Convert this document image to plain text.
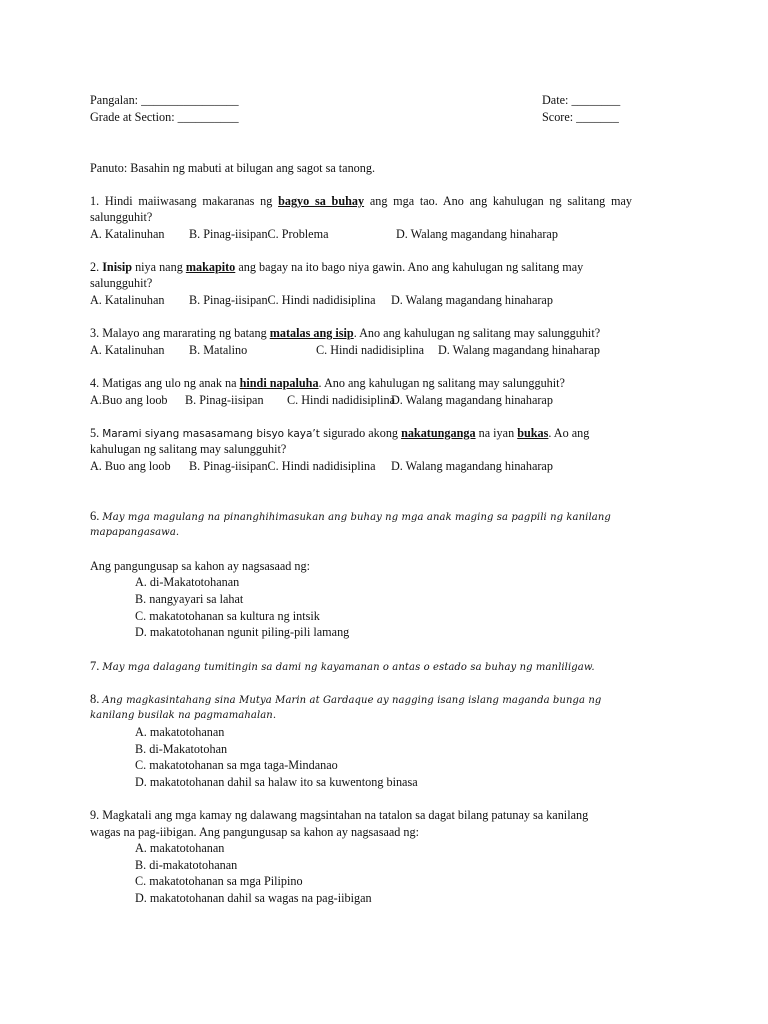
Pangalan: ________________
Grade at Section: __________
Date: ________
Score: _______
Panuto: Basahin ng mabuti at bilugan ang sagot sa tanong.
1. Hindi maiiwasang makaranas ng bagyo sa buhay ang mga tao. Ano ang kahulugan ng salitang may
salungguhit?
A. Katalinuhan B. Pinag-iisipanC. Problema	D. Walang magandang hinaharap
2. Inisip niya nang makapito ang bagay na ito bago niya gawin. Ano ang kahulugan ng salitang may
salungguhit?
A. Katalinuhan B. Pinag-iisipanC. Hindi nadidisiplina D. Walang magandang hinaharap
3. Malayo ang mararating ng batang matalas ang isip. Ano ang kahulugan ng salitang may salungguhit?
A. Katalinuhan B. Matalino	C. Hindi nadidisiplina D. Walang magandang hinaharap
4. Matigas ang ulo ng anak na hindi napaluha. Ano ang kahulugan ng salitang may salungguhit?
A.Buo ang loob B. Pinag-iisipan C. Hindi nadidisiplina
D. Walang magandang hinaharap
5. Marami siyang masasamang bisyo kaya’t sigurado akong nakatunganga na iyan bukas. Ao ang
kahulugan ng salitang may salungguhit?
A. Buo ang loob B. Pinag-iisipanC. Hindi nadidisiplina D. Walang magandang hinaharap
6. May mga magulang na pinanghihimasukan ang buhay ng mga anak maging sa pagpili ng kanilang
mapapangasawa.
Ang pangungusap sa kahon ay nagsasaad ng:
A. di-Makatotohanan
B. nangyayari sa lahat
C. makatotohanan sa kultura ng intsik
D. makatotohanan ngunit piling-pili lamang
7. May mga dalagang tumitingin sa dami ng kayamanan o antas o estado sa buhay ng manliligaw.
8. Ang magkasintahang sina Mutya Marin at Gardaque ay nagging isang islang maganda bunga ng
kanilang busilak na pagmamahalan.
A. makatotohanan
B. di-Makatotohan
C. makatotohanan sa mga taga-Mindanao
D. makatotohanan dahil sa halaw ito sa kuwentong binasa
9. Magkatali ang mga kamay ng dalawang magsintahan na tatalon sa dagat bilang patunay sa kanilang
wagas na pag-iibigan. Ang pangungusap sa kahon ay nagsasaad ng:
A. makatotohanan
B. di-makatotohanan
C. makatotohanan sa mga Pilipino
D. makatotohanan dahil sa wagas na pag-iibigan
